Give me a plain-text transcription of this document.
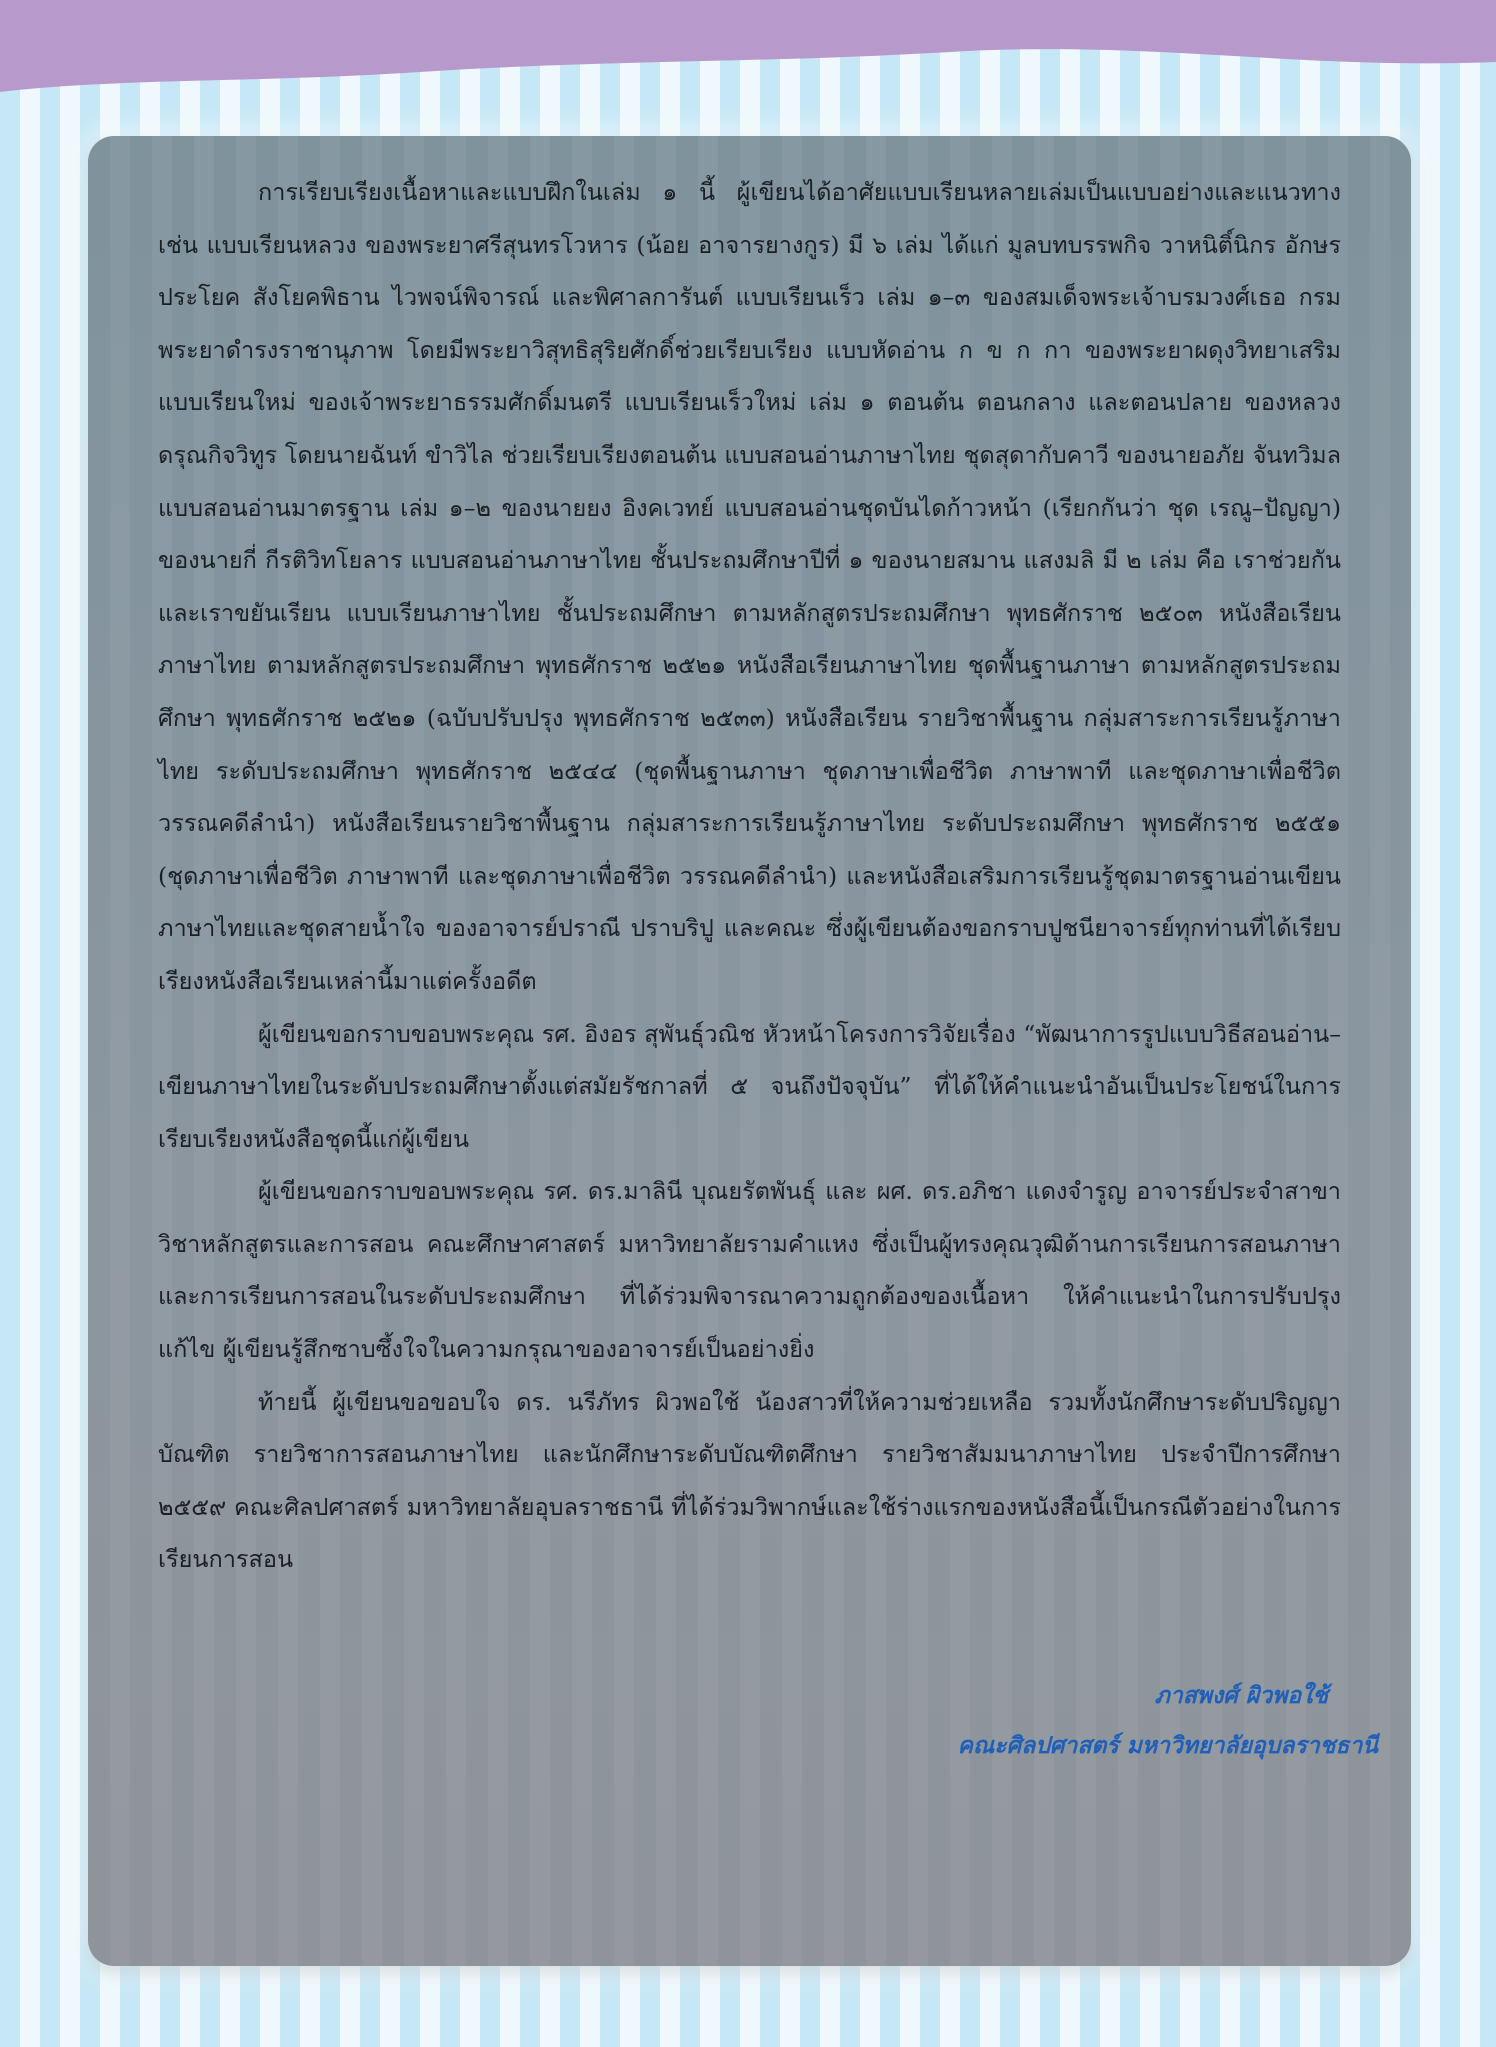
การเรียบเรียงเนื้อหาและแบบฝึกในเล่ม ๑ นี้ ผู้เขียนได้อาศัยแบบเรียนหลายเล่มเป็นแบบอย่างและแนวทาง เช่น แบบเรียนหลวง ของพระยาศรีสุนทรโวหาร (น้อย อาจารยางกูร) มี ๖ เล่ม ได้แก่ มูลบทบรรพกิจ วาหนิติ์นิกร อักษรประโยค สังโยคพิธาน ไวพจน์พิจารณ์ และพิศาลการันต์ แบบเรียนเร็ว เล่ม ๑–๓ ของสมเด็จพระเจ้าบรมวงศ์เธอ กรมพระยาดำรงราชานุภาพ โดยมีพระยาวิสุทธิสุริยศักดิ์ช่วยเรียบเรียง แบบหัดอ่าน ก ข ก กา ของพระยาผดุงวิทยาเสริม แบบเรียนใหม่ ของเจ้าพระยาธรรมศักดิ์มนตรี แบบเรียนเร็วใหม่ เล่ม ๑ ตอนต้น ตอนกลาง และตอนปลาย ของหลวงดรุณกิจวิทูร โดยนายฉันท์ ขำวิไล ช่วยเรียบเรียงตอนต้น แบบสอนอ่านภาษาไทย ชุดสุดากับคาวี ของนายอภัย จันทวิมล แบบสอนอ่านมาตรฐาน เล่ม ๑–๒ ของนายยง อิงคเวทย์ แบบสอนอ่านชุดบันไดก้าวหน้า (เรียกกันว่า ชุด เรณู–ปัญญา) ของนายกี่ กีรติวิทโยลาร แบบสอนอ่านภาษาไทย ชั้นประถมศึกษาปีที่ ๑ ของนายสมาน แสงมลิ มี ๒ เล่ม คือ เราช่วยกันและเราขยันเรียน แบบเรียนภาษาไทย ชั้นประถมศึกษา ตามหลักสูตรประถมศึกษา พุทธศักราช ๒๕๐๓ หนังสือเรียนภาษาไทย ตามหลักสูตรประถมศึกษา พุทธศักราช ๒๕๒๑ หนังสือเรียนภาษาไทย ชุดพื้นฐานภาษา ตามหลักสูตรประถมศึกษา พุทธศักราช ๒๕๒๑ (ฉบับปรับปรุง พุทธศักราช ๒๕๓๓) หนังสือเรียน รายวิชาพื้นฐาน กลุ่มสาระการเรียนรู้ภาษาไทย ระดับประถมศึกษา พุทธศักราช ๒๕๔๔ (ชุดพื้นฐานภาษา ชุดภาษาเพื่อชีวิต ภาษาพาที และชุดภาษาเพื่อชีวิต วรรณคดีลำนำ) หนังสือเรียนรายวิชาพื้นฐาน กลุ่มสาระการเรียนรู้ภาษาไทย ระดับประถมศึกษา พุทธศักราช ๒๕๕๑ (ชุดภาษาเพื่อชีวิต ภาษาพาที และชุดภาษาเพื่อชีวิต วรรณคดีลำนำ) และหนังสือเสริมการเรียนรู้ชุดมาตรฐานอ่านเขียนภาษาไทยและชุดสายน้ำใจ ของอาจารย์ปราณี ปราบริปู และคณะ ซึ่งผู้เขียนต้องขอกราบปูชนียาจารย์ทุกท่านที่ได้เรียบเรียงหนังสือเรียนเหล่านี้มาแต่ครั้งอดีต

ผู้เขียนขอกราบขอบพระคุณ รศ. อิงอร สุพันธุ์วณิช หัวหน้าโครงการวิจัยเรื่อง “พัฒนาการรูปแบบวิธีสอนอ่าน–เขียนภาษาไทยในระดับประถมศึกษาตั้งแต่สมัยรัชกาลที่ ๕ จนถึงปัจจุบัน” ที่ได้ให้คำแนะนำอันเป็นประโยชน์ในการเรียบเรียงหนังสือชุดนี้แก่ผู้เขียน

ผู้เขียนขอกราบขอบพระคุณ รศ. ดร.มาลินี บุณยรัตพันธุ์ และ ผศ. ดร.อภิชา แดงจำรูญ อาจารย์ประจำสาขาวิชาหลักสูตรและการสอน คณะศึกษาศาสตร์ มหาวิทยาลัยรามคำแหง ซึ่งเป็นผู้ทรงคุณวุฒิด้านการเรียนการสอนภาษาและการเรียนการสอนในระดับประถมศึกษา ที่ได้ร่วมพิจารณาความถูกต้องของเนื้อหา ให้คำแนะนำในการปรับปรุงแก้ไข ผู้เขียนรู้สึกซาบซึ้งใจในความกรุณาของอาจารย์เป็นอย่างยิ่ง

ท้ายนี้ ผู้เขียนขอขอบใจ ดร. นรีภัทร ผิวพอใช้ น้องสาวที่ให้ความช่วยเหลือ รวมทั้งนักศึกษาระดับปริญญาบัณฑิต รายวิชาการสอนภาษาไทย และนักศึกษาระดับบัณฑิตศึกษา รายวิชาสัมมนาภาษาไทย ประจำปีการศึกษา ๒๕๕๙ คณะศิลปศาสตร์ มหาวิทยาลัยอุบลราชธานี ที่ได้ร่วมวิพากษ์และใช้ร่างแรกของหนังสือนี้เป็นกรณีตัวอย่างในการเรียนการสอน

ภาสพงศ์ ผิวพอใช้

คณะศิลปศาสตร์ มหาวิทยาลัยอุบลราชธานี
